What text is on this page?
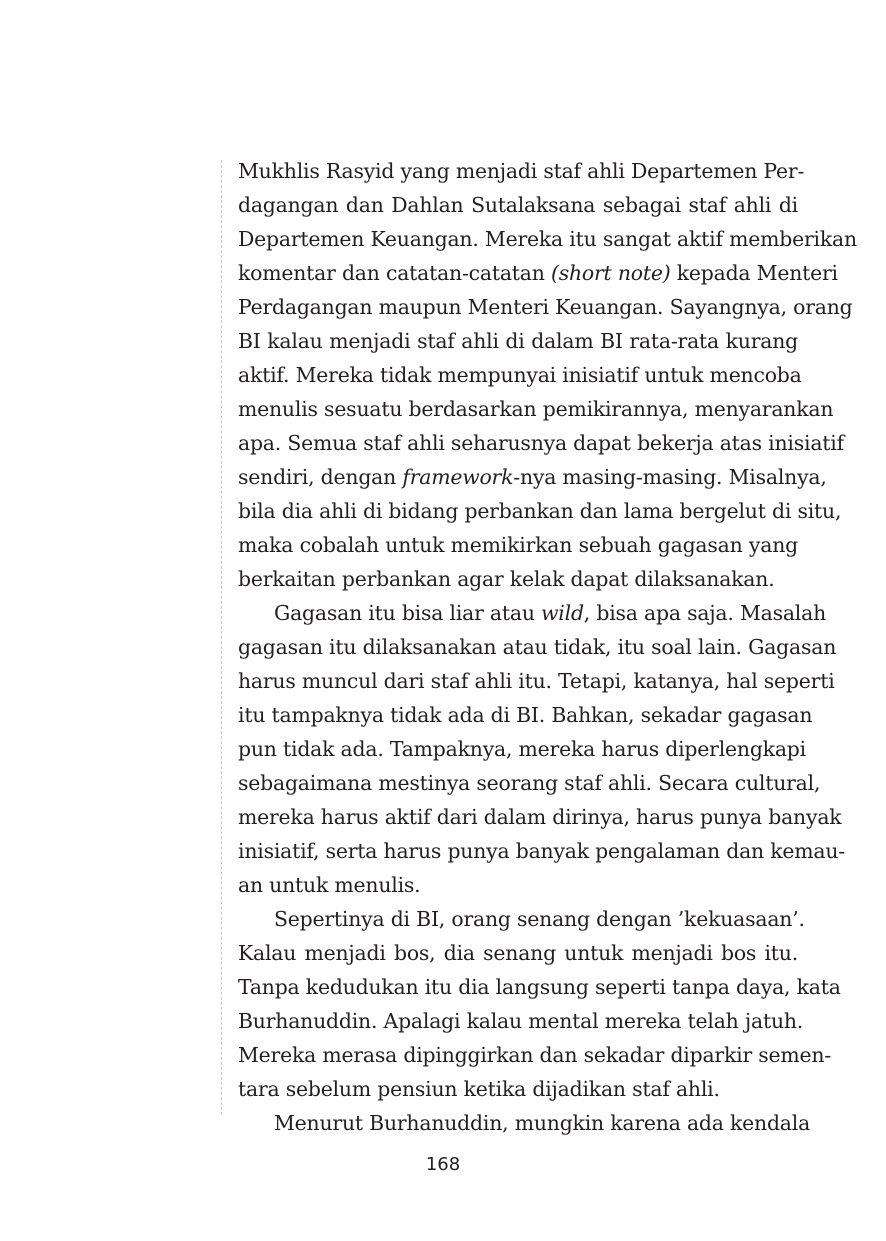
Mukhlis Rasyid yang menjadi staf ahli Departemen Per-
dagangan dan Dahlan Sutalaksana sebagai staf ahli di
Departemen Keuangan. Mereka itu sangat aktif memberikan
komentar dan catatan-catatan (short note) kepada Menteri
Perdagangan maupun Menteri Keuangan. Sayangnya, orang
BI kalau menjadi staf ahli di dalam BI rata-rata kurang
aktif. Mereka tidak mempunyai inisiatif untuk mencoba
menulis sesuatu berdasarkan pemikirannya, menyarankan
apa. Semua staf ahli seharusnya dapat bekerja atas inisiatif
sendiri, dengan framework-nya masing-masing. Misalnya,
bila dia ahli di bidang perbankan dan lama bergelut di situ,
maka cobalah untuk memikirkan sebuah gagasan yang
berkaitan perbankan agar kelak dapat dilaksanakan.
Gagasan itu bisa liar atau wild, bisa apa saja. Masalah
gagasan itu dilaksanakan atau tidak, itu soal lain. Gagasan
harus muncul dari staf ahli itu. Tetapi, katanya, hal seperti
itu tampaknya tidak ada di BI. Bahkan, sekadar gagasan
pun tidak ada. Tampaknya, mereka harus diperlengkapi
sebagaimana mestinya seorang staf ahli. Secara cultural,
mereka harus aktif dari dalam dirinya, harus punya banyak
inisiatif, serta harus punya banyak pengalaman dan kemau-
an untuk menulis.
Sepertinya di BI, orang senang dengan ’kekuasaan’.
Kalau menjadi bos, dia senang untuk menjadi bos itu.
Tanpa kedudukan itu dia langsung seperti tanpa daya, kata
Burhanuddin. Apalagi kalau mental mereka telah jatuh.
Mereka merasa dipinggirkan dan sekadar diparkir semen-
tara sebelum pensiun ketika dijadikan staf ahli.
Menurut Burhanuddin, mungkin karena ada kendala
168
